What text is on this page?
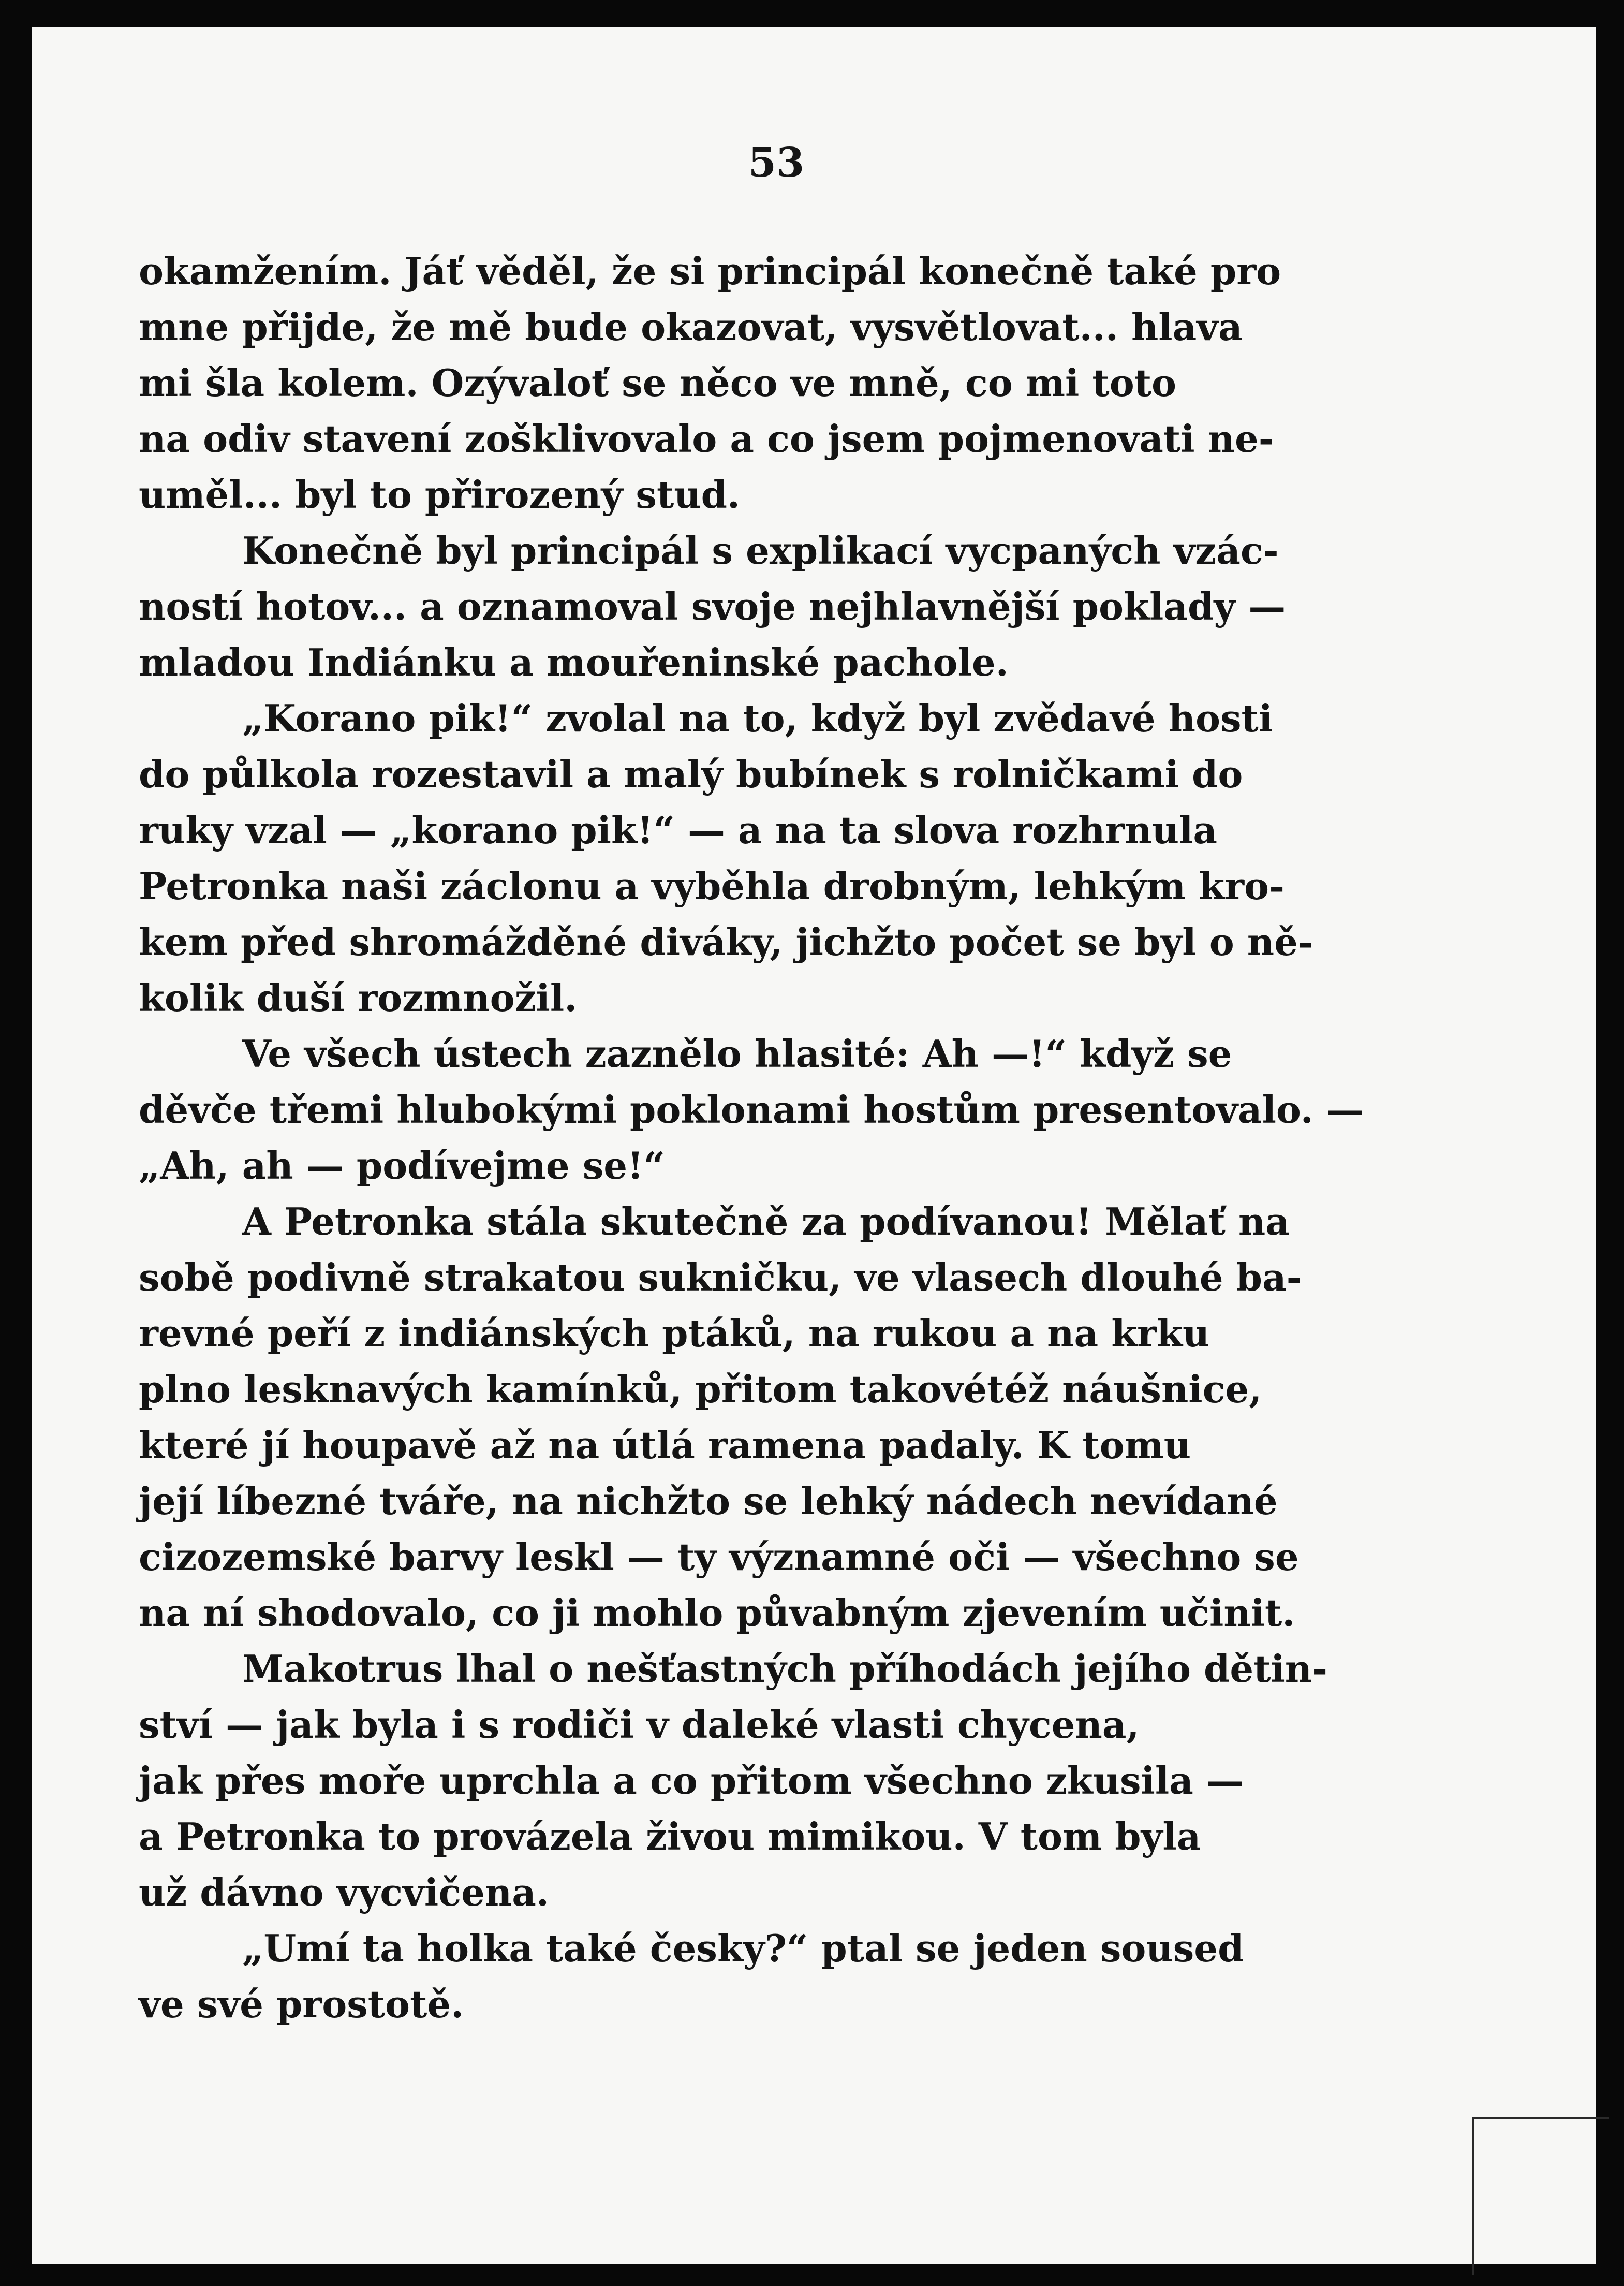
53

okamžením. Jáť věděl, že si principál konečně také pro
mne přijde, že mě bude okazovat, vysvětlovat... hlava
mi šla kolem. Ozývaloť se něco ve mně, co mi toto
na odiv stavení zošklivovalo a co jsem pojmenovati ne-
uměl... byl to přirozený stud.

Konečně byl principál s explikací vycpaných vzác-
ností hotov... a oznamoval svoje nejhlavnější poklady —
mladou Indiánku a mouřeninské pachole.

„Korano pik!“ zvolal na to, když byl zvědavé hosti
do půlkola rozestavil a malý bubínek s rolničkami do
ruky vzal — „korano pik!“ — a na ta slova rozhrnula
Petronka naši záclonu a vyběhla drobným, lehkým kro-
kem před shromážděné diváky, jichžto počet se byl o ně-
kolik duší rozmnožil.

Ve všech ústech zaznělo hlasité: Ah —!“ když se
děvče třemi hlubokými poklonami hostům presentovalo. —
„Ah, ah — podívejme se!“

A Petronka stála skutečně za podívanou! Mělať na
sobě podivně strakatou sukničku, ve vlasech dlouhé ba-
revné peří z indiánských ptáků, na rukou a na krku
plno lesknavých kamínků, přitom takovétéž náušnice,
které jí houpavě až na útlá ramena padaly. K tomu
její líbezné tváře, na nichžto se lehký nádech nevídané
cizozemské barvy leskl — ty významné oči — všechno se
na ní shodovalo, co ji mohlo půvabným zjevením učinit.

Makotrus lhal o nešťastných příhodách jejího dětin-
ství — jak byla i s rodiči v daleké vlasti chycena,
jak přes moře uprchla a co přitom všechno zkusila —
a Petronka to provázela živou mimikou. V tom byla
už dávno vycvičena.

„Umí ta holka také česky?“ ptal se jeden soused
ve své prostotě.
